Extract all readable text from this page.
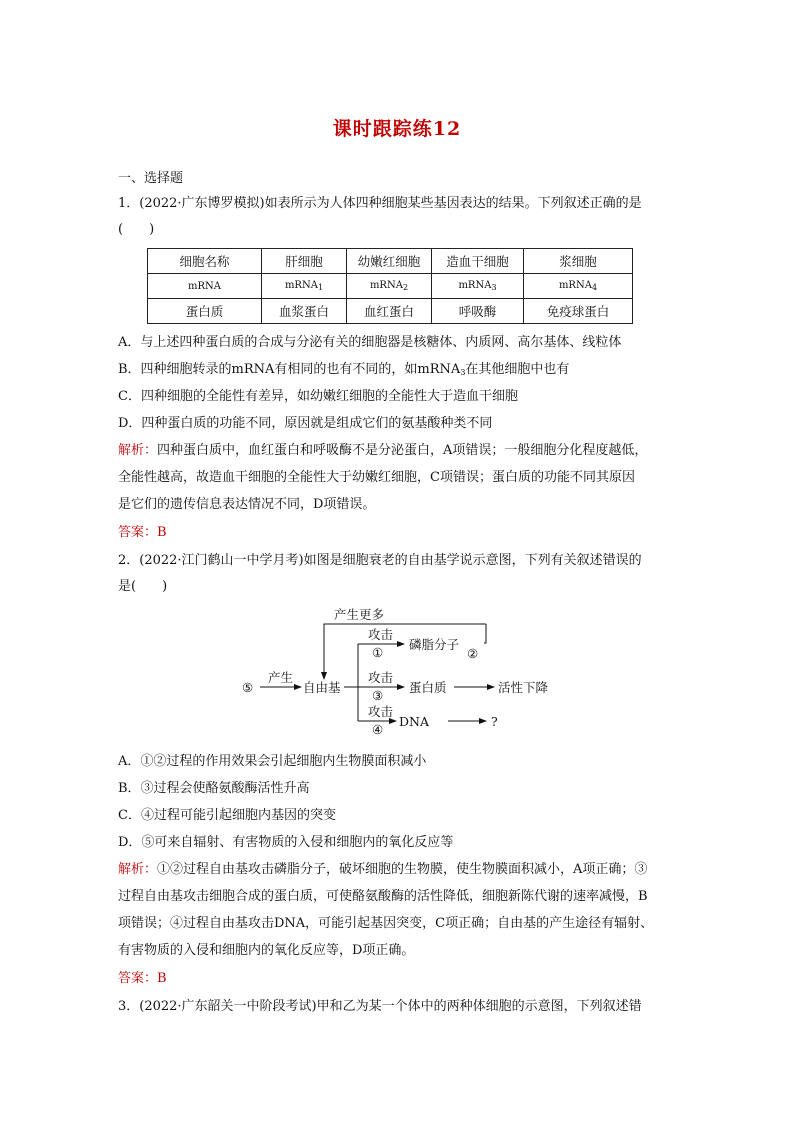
课时跟踪练12
一、选择题
1．(2022·广东博罗模拟)如表所示为人体四种细胞某些基因表达的结果。下列叙述正确的是
(　　)
细胞名称	肝细胞	幼嫩红细胞	造血干细胞	浆细胞
mRNA	mRNA$_1$	mRNA$_2$	mRNA$_3$	mRNA$_4$
蛋白质	血浆蛋白	血红蛋白	呼吸酶	免疫球蛋白
A．与上述四种蛋白质的合成与分泌有关的细胞器是核糖体、内质网、高尔基体、线粒体
B．四种细胞转录的mRNA有相同的也有不同的，如mRNA$_3$在其他细胞中也有
C．四种细胞的全能性有差异，如幼嫩红细胞的全能性大于造血干细胞
D．四种蛋白质的功能不同，原因就是组成它们的氨基酸种类不同
解析：四种蛋白质中，血红蛋白和呼吸酶不是分泌蛋白，A项错误；一般细胞分化程度越低，
全能性越高，故造血干细胞的全能性大于幼嫩红细胞，C项错误；蛋白质的功能不同其原因
是它们的遗传信息表达情况不同，D项错误。
答案：B
2．(2022·江门鹤山一中学月考)如图是细胞衰老的自由基学说示意图，下列有关叙述错误的
是(　　)
产生更多
⑤
产生
自由基
攻击
①
攻击
③
攻击
④
磷脂分子
②
蛋白质	活性下降
DNA	?
A．①②过程的作用效果会引起细胞内生物膜面积减小
B．③过程会使酪氨酸酶活性升高
C．④过程可能引起细胞内基因的突变
D．⑤可来自辐射、有害物质的入侵和细胞内的氧化反应等
解析：①②过程自由基攻击磷脂分子，破坏细胞的生物膜，使生物膜面积减小，A项正确；③
过程自由基攻击细胞合成的蛋白质，可使酪氨酸酶的活性降低，细胞新陈代谢的速率减慢，B
项错误；④过程自由基攻击DNA，可能引起基因突变，C项正确；自由基的产生途径有辐射、
有害物质的入侵和细胞内的氧化反应等，D项正确。
答案：B
3．(2022·广东韶关一中阶段考试)甲和乙为某一个体中的两种体细胞的示意图，下列叙述错
